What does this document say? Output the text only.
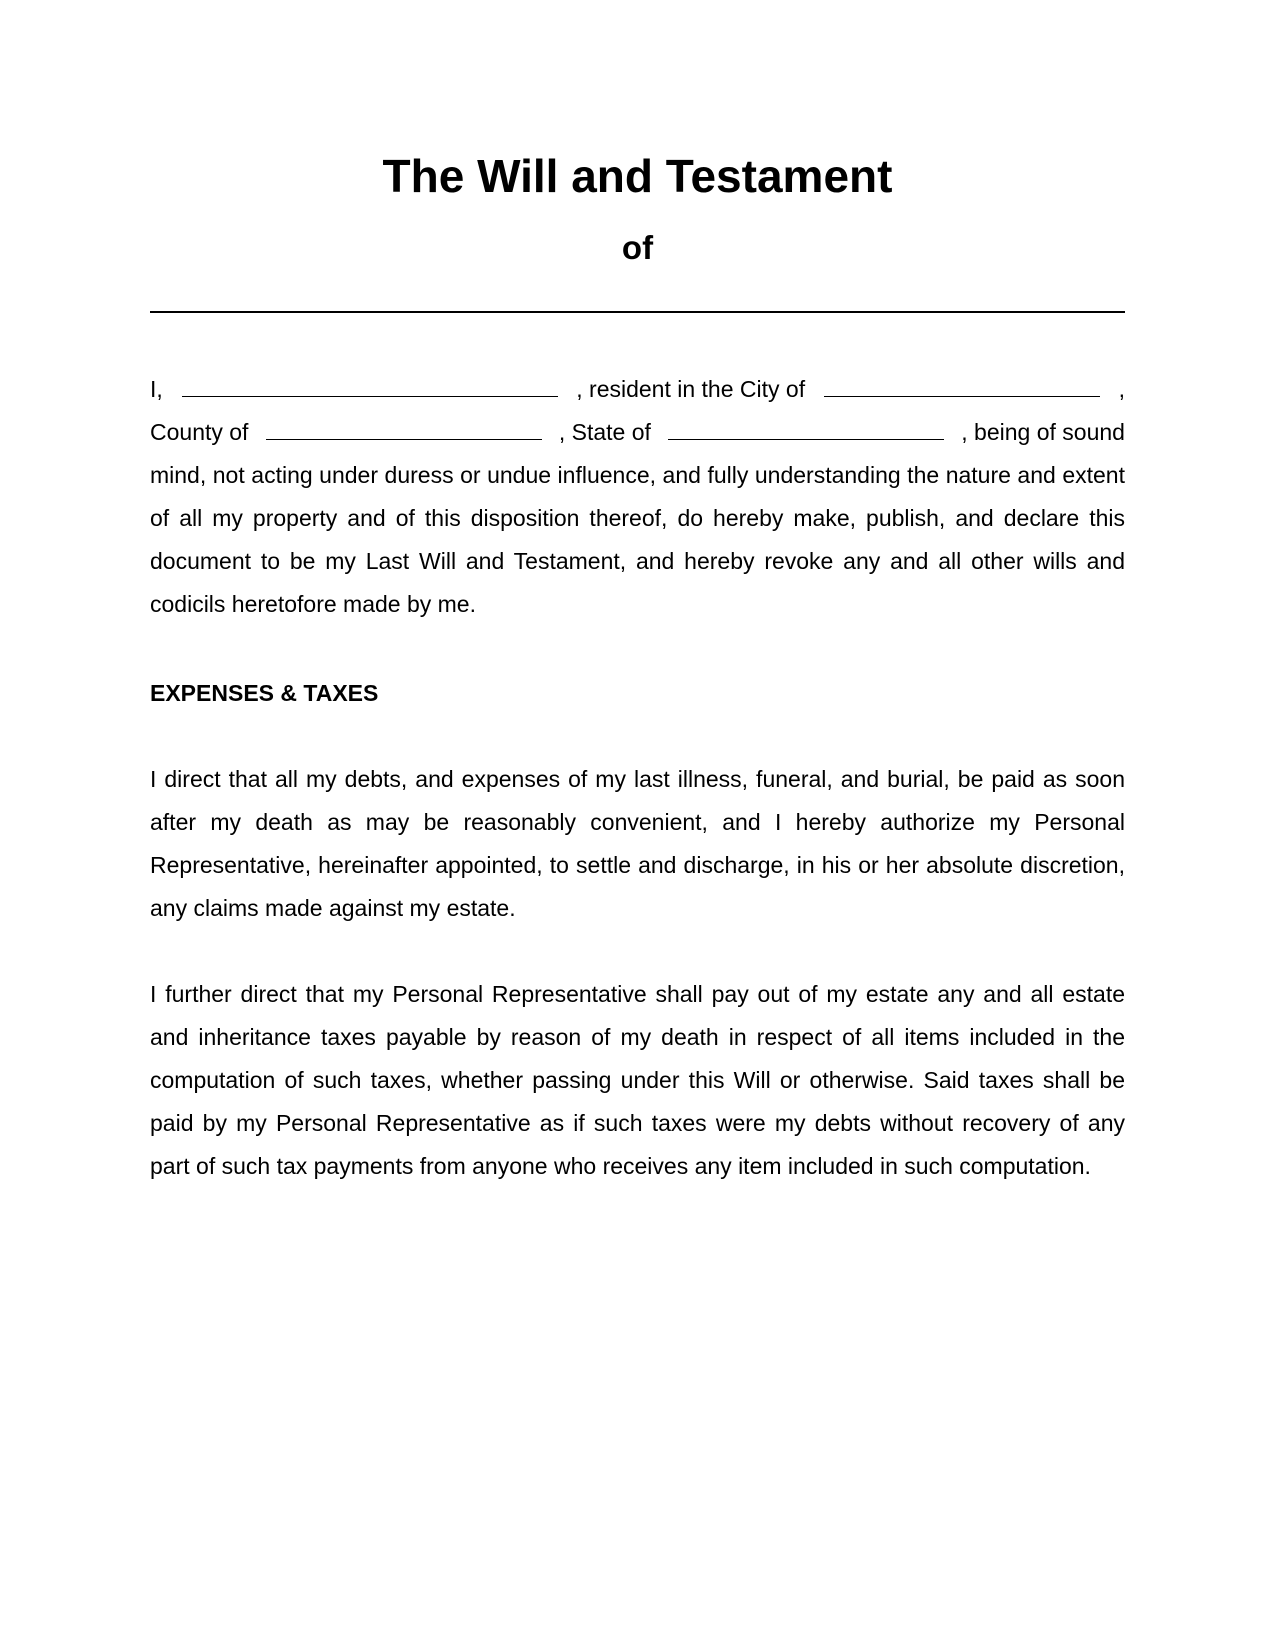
The Will and Testament
of
I,	, resident in the City of	,
County of	, State of	, being of sound
mind, not acting under duress or undue influence, and fully understanding the nature and extent of all my property and of this disposition thereof, do hereby make, publish, and declare this document to be my Last Will and Testament, and hereby revoke any and all other wills and codicils heretofore made by me.
EXPENSES & TAXES

I direct that all my debts, and expenses of my last illness, funeral, and burial, be paid as soon after my death as may be reasonably convenient, and I hereby authorize my Personal Representative, hereinafter appointed, to settle and discharge, in his or her absolute discretion, any claims made against my estate.

I further direct that my Personal Representative shall pay out of my estate any and all estate and inheritance taxes payable by reason of my death in respect of all items included in the computation of such taxes, whether passing under this Will or otherwise. Said taxes shall be paid by my Personal Representative as if such taxes were my debts without recovery of any part of such tax payments from anyone who receives any item included in such computation.
